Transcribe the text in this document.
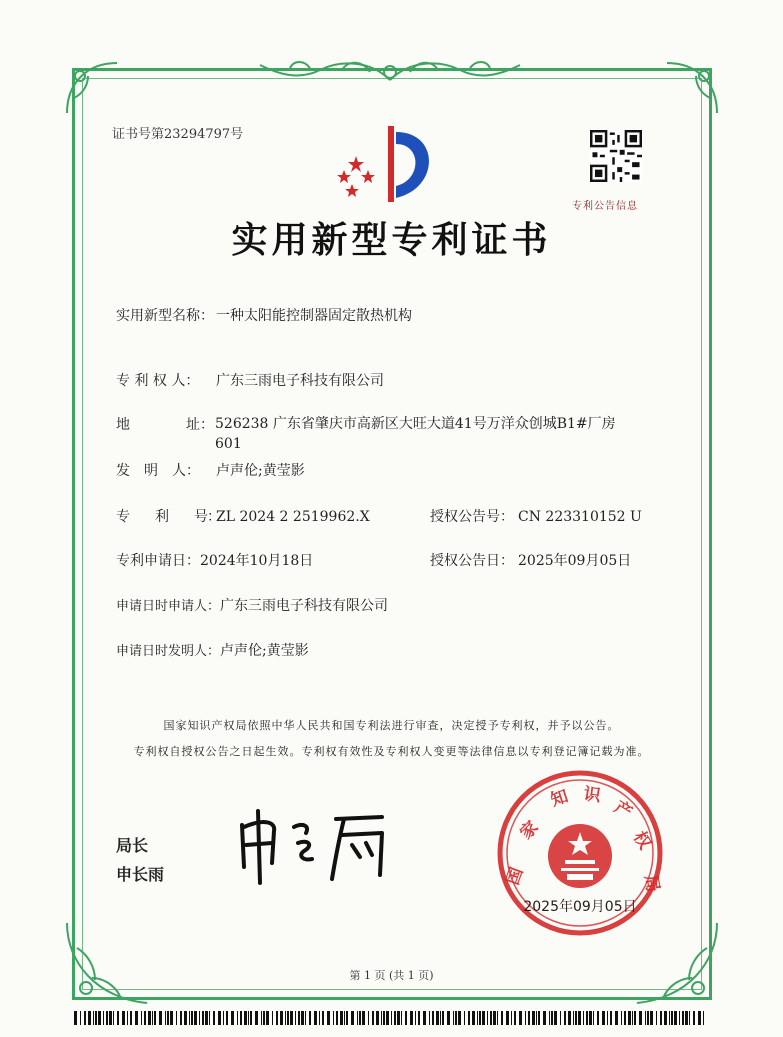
证书号第23294797号
专利公告信息
实用新型专利证书
实用新型名称： 一种太阳能控制器固定散热机构
专 利 权 人： 广东三雨电子科技有限公司
地	址： 526238 广东省肇庆市高新区大旺大道41号万洋众创城B1#厂房601
发　明　人： 卢声伦;黄莹影
专　　利　　号：ZL 2024 2 2519962.X	授权公告号： CN 223310152 U
专利申请日：2024年10月18日	授权公告日： 2025年09月05日
申请日时申请人：广东三雨电子科技有限公司
申请日时发明人：卢声伦;黄莹影
国家知识产权局依照中华人民共和国专利法进行审查，决定授予专利权，并予以公告。
专利权自授权公告之日起生效。专利权有效性及专利权人变更等法律信息以专利登记簿记载为准。
局长
申长雨	国
家
知 识
产
权
局
2025年09月05日
第 1 页 (共 1 页)
